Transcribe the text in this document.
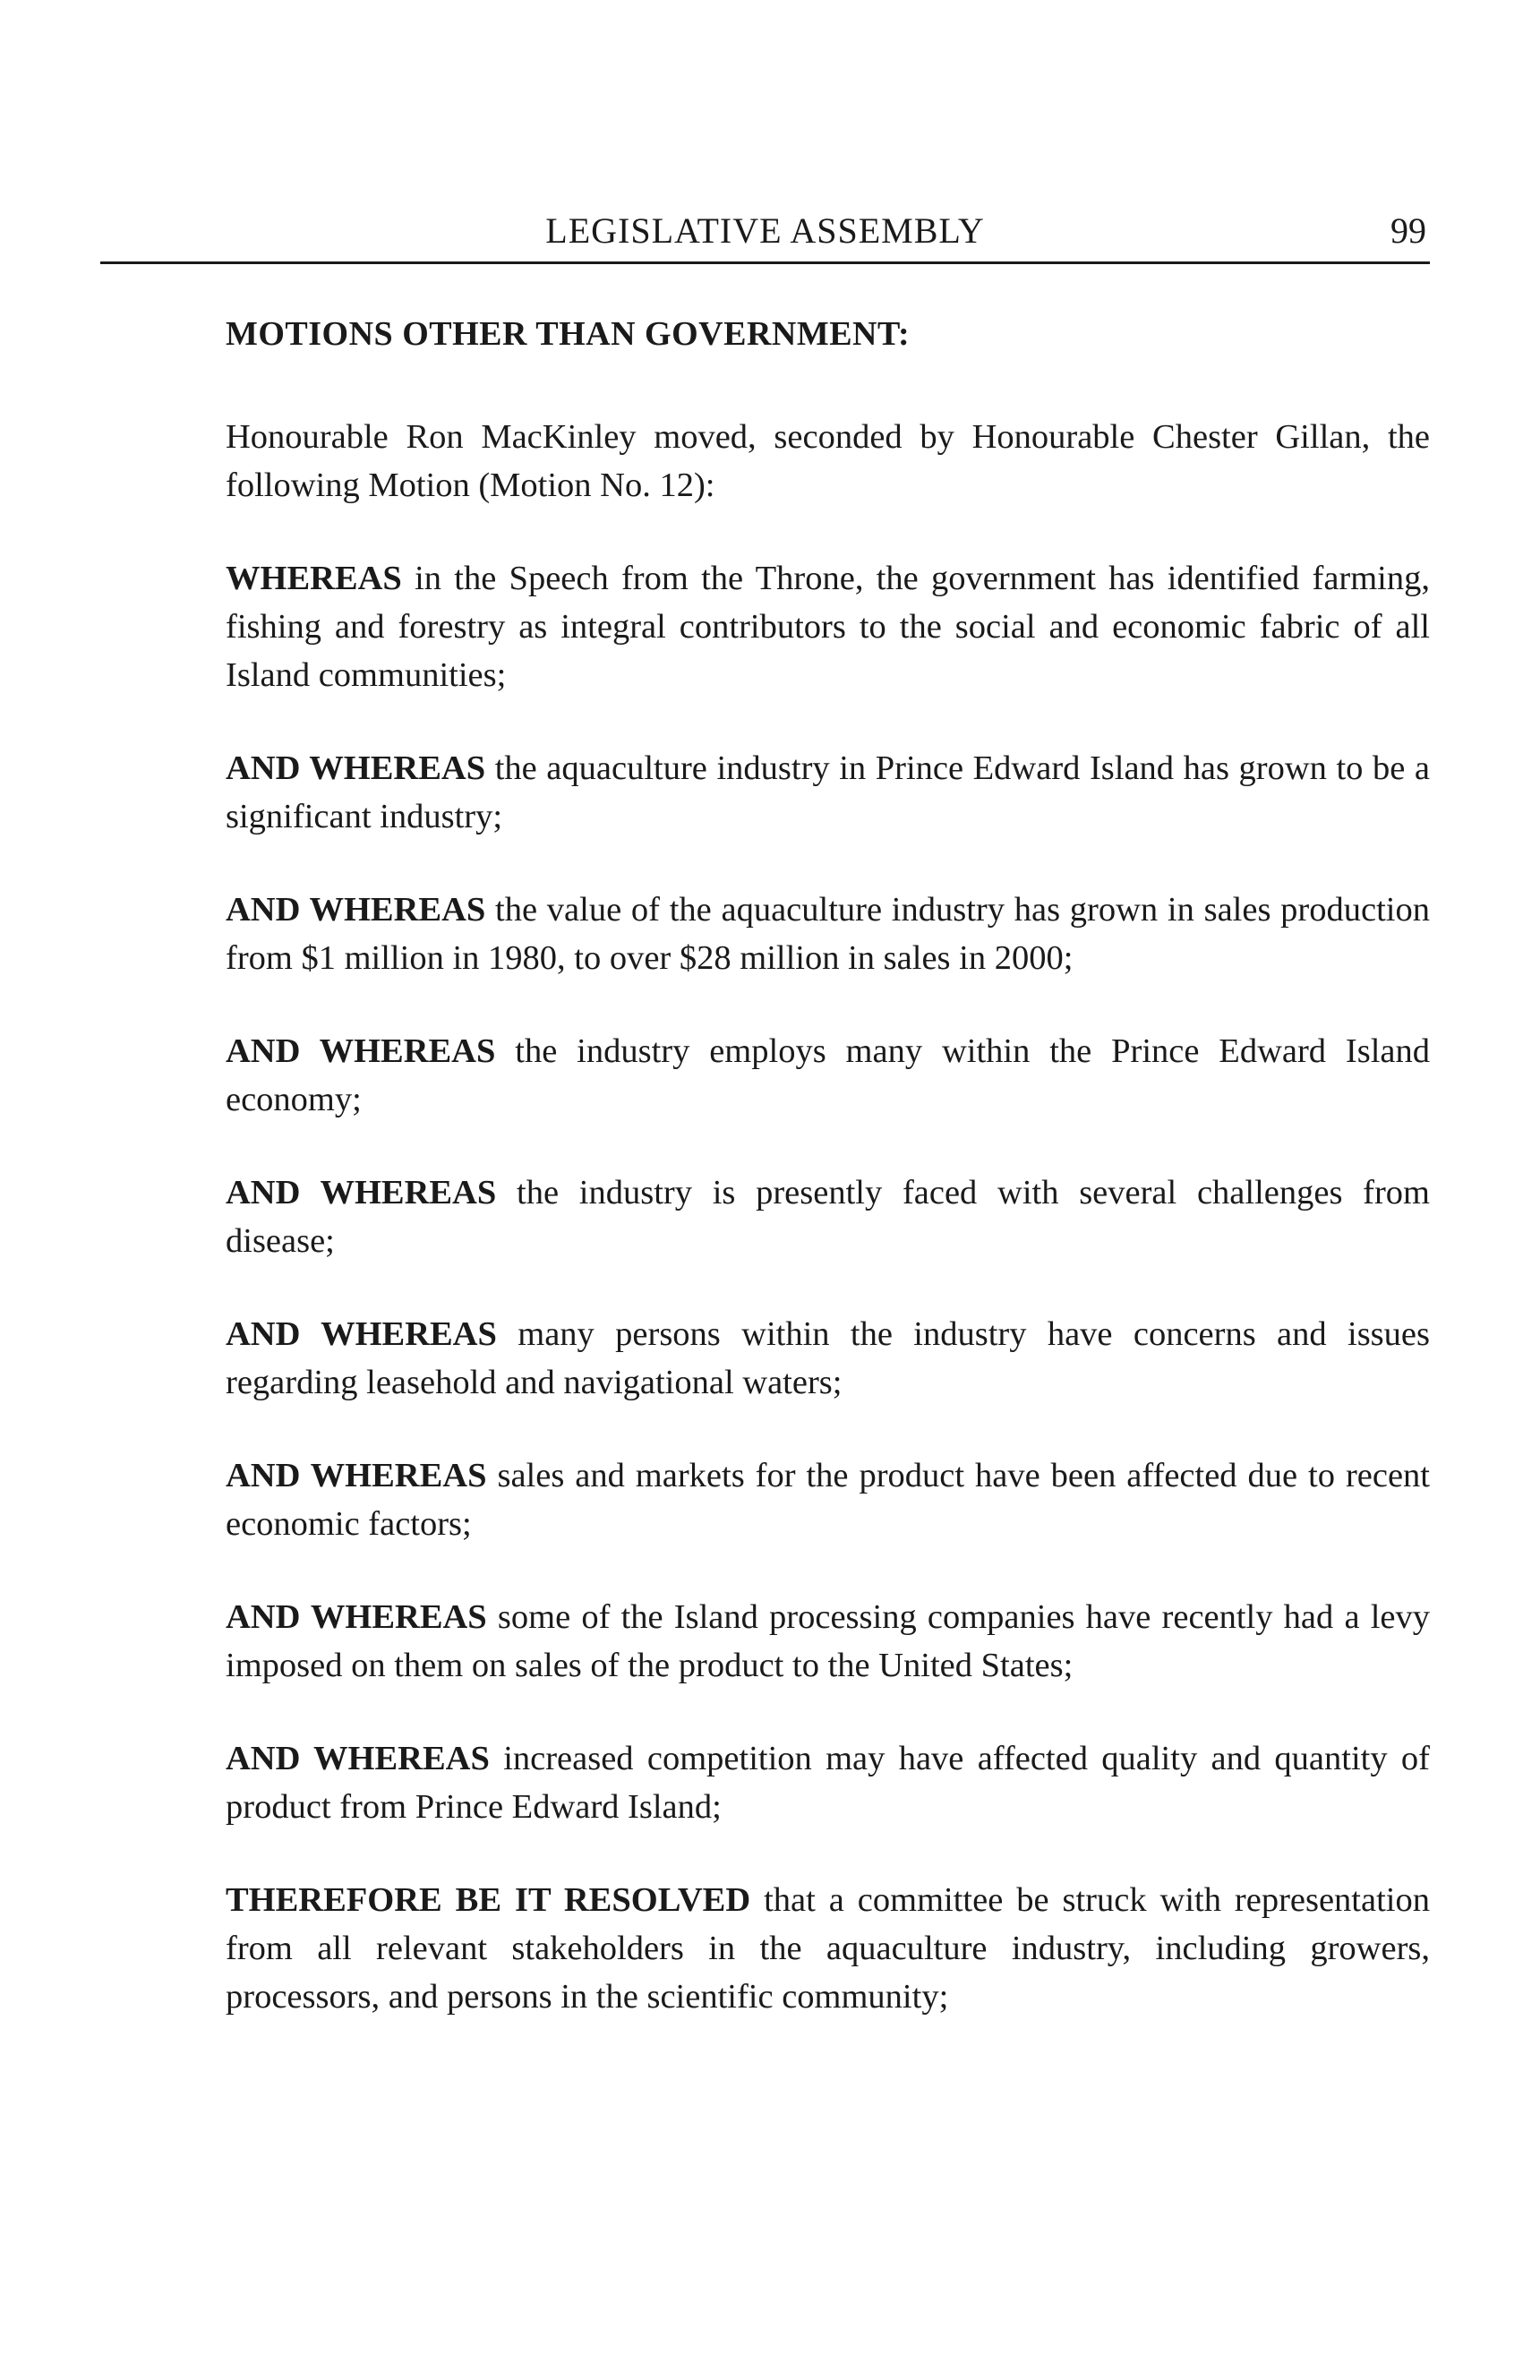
LEGISLATIVE ASSEMBLY	99
MOTIONS OTHER THAN GOVERNMENT:

Honourable Ron MacKinley moved, seconded by Honourable Chester Gillan, the following Motion (Motion No. 12):

WHEREAS in the Speech from the Throne, the government has identified farming, fishing and forestry as integral contributors to the social and economic fabric of all Island communities;

AND WHEREAS the aquaculture industry in Prince Edward Island has grown to be a significant industry;

AND WHEREAS the value of the aquaculture industry has grown in sales production from $1 million in 1980, to over $28 million in sales in 2000;

AND WHEREAS the industry employs many within the Prince Edward Island economy;

AND WHEREAS the industry is presently faced with several challenges from disease;

AND WHEREAS many persons within the industry have concerns and issues regarding leasehold and navigational waters;

AND WHEREAS sales and markets for the product have been affected due to recent economic factors;

AND WHEREAS some of the Island processing companies have recently had a levy imposed on them on sales of the product to the United States;

AND WHEREAS increased competition may have affected quality and quantity of product from Prince Edward Island;

THEREFORE BE IT RESOLVED that a committee be struck with representation from all relevant stakeholders in the aquaculture industry, including growers, processors, and persons in the scientific community;
